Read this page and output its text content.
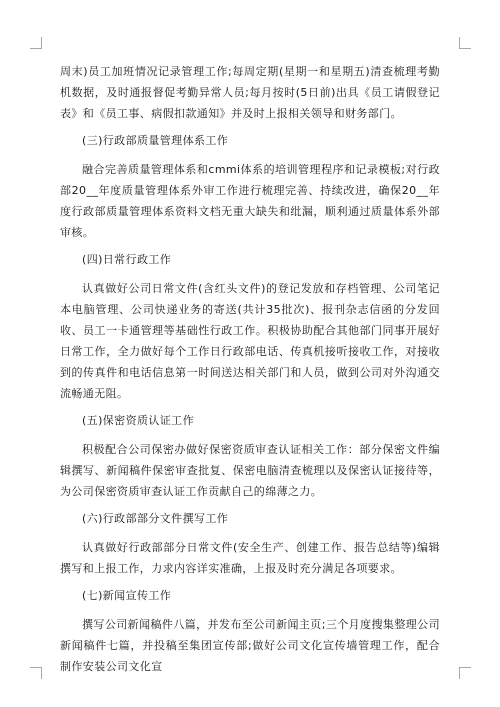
周末)员工加班情况记录管理工作;每周定期(星期一和星期五)清查梳理考勤机数据，及时通报督促考勤异常人员;每月按时(5日前)出具《员工请假登记表》和《员工事、病假扣款通知》并及时上报相关领导和财务部门。

(三)行政部质量管理体系工作

融合完善质量管理体系和cmmi体系的培训管理程序和记录模板;对行政部20__年度质量管理体系外审工作进行梳理完善、持续改进，确保20__年度行政部质量管理体系资料文档无重大缺失和纰漏，顺利通过质量体系外部审核。

(四)日常行政工作

认真做好公司日常文件(含红头文件)的登记发放和存档管理、公司笔记本电脑管理、公司快递业务的寄送(共计35批次)、报刊杂志信函的分发回收、员工一卡通管理等基础性行政工作。积极协助配合其他部门同事开展好日常工作，全力做好每个工作日行政部电话、传真机接听接收工作，对接收到的传真件和电话信息第一时间送达相关部门和人员，做到公司对外沟通交流畅通无阻。

(五)保密资质认证工作

积极配合公司保密办做好保密资质审查认证相关工作：部分保密文件编辑撰写、新闻稿件保密审查批复、保密电脑清查梳理以及保密认证接待等，为公司保密资质审查认证工作贡献自己的绵薄之力。

(六)行政部部分文件撰写工作

认真做好行政部部分日常文件(安全生产、创建工作、报告总结等)编辑撰写和上报工作，力求内容详实准确，上报及时充分满足各项要求。

(七)新闻宣传工作

撰写公司新闻稿件八篇，并发布至公司新闻主页;三个月度搜集整理公司新闻稿件七篇，并投稿至集团宣传部;做好公司文化宣传墙管理工作，配合制作安装公司文化宣
